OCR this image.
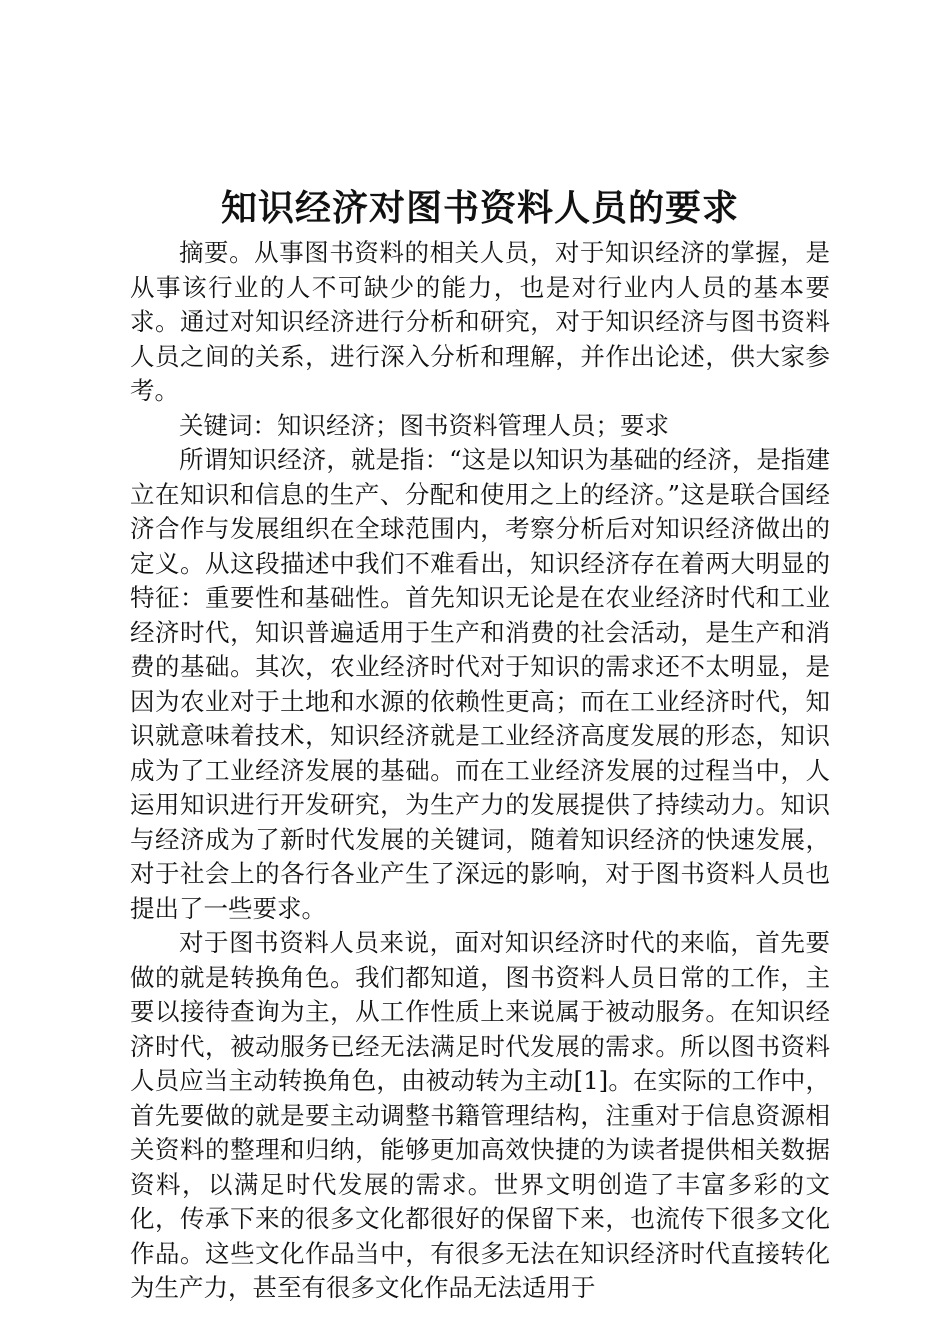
知识经济对图书资料人员的要求

摘要。从事图书资料的相关人员，对于知识经济的掌握，是从事该行业的人不可缺少的能力，也是对行业内人员的基本要求。通过对知识经济进行分析和研究，对于知识经济与图书资料人员之间的关系，进行深入分析和理解，并作出论述，供大家参考。

关键词：知识经济；图书资料管理人员；要求

所谓知识经济，就是指：“这是以知识为基础的经济，是指建立在知识和信息的生产、分配和使用之上的经济。”这是联合国经济合作与发展组织在全球范围内，考察分析后对知识经济做出的定义。从这段描述中我们不难看出，知识经济存在着两大明显的特征：重要性和基础性。首先知识无论是在农业经济时代和工业经济时代，知识普遍适用于生产和消费的社会活动，是生产和消费的基础。其次，农业经济时代对于知识的需求还不太明显，是因为农业对于土地和水源的依赖性更高；而在工业经济时代，知识就意味着技术，知识经济就是工业经济高度发展的形态，知识成为了工业经济发展的基础。而在工业经济发展的过程当中，人运用知识进行开发研究，为生产力的发展提供了持续动力。知识与经济成为了新时代发展的关键词，随着知识经济的快速发展，对于社会上的各行各业产生了深远的影响，对于图书资料人员也提出了一些要求。

对于图书资料人员来说，面对知识经济时代的来临，首先要做的就是转换角色。我们都知道，图书资料人员日常的工作，主要以接待查询为主，从工作性质上来说属于被动服务。在知识经济时代，被动服务已经无法满足时代发展的需求。所以图书资料人员应当主动转换角色，由被动转为主动[1]。在实际的工作中，首先要做的就是要主动调整书籍管理结构，注重对于信息资源相关资料的整理和归纳，能够更加高效快捷的为读者提供相关数据资料，以满足时代发展的需求。世界文明创造了丰富多彩的文化，传承下来的很多文化都很好的保留下来，也流传下很多文化作品。这些文化作品当中，有很多无法在知识经济时代直接转化为生产力，甚至有很多文化作品无法适用于
